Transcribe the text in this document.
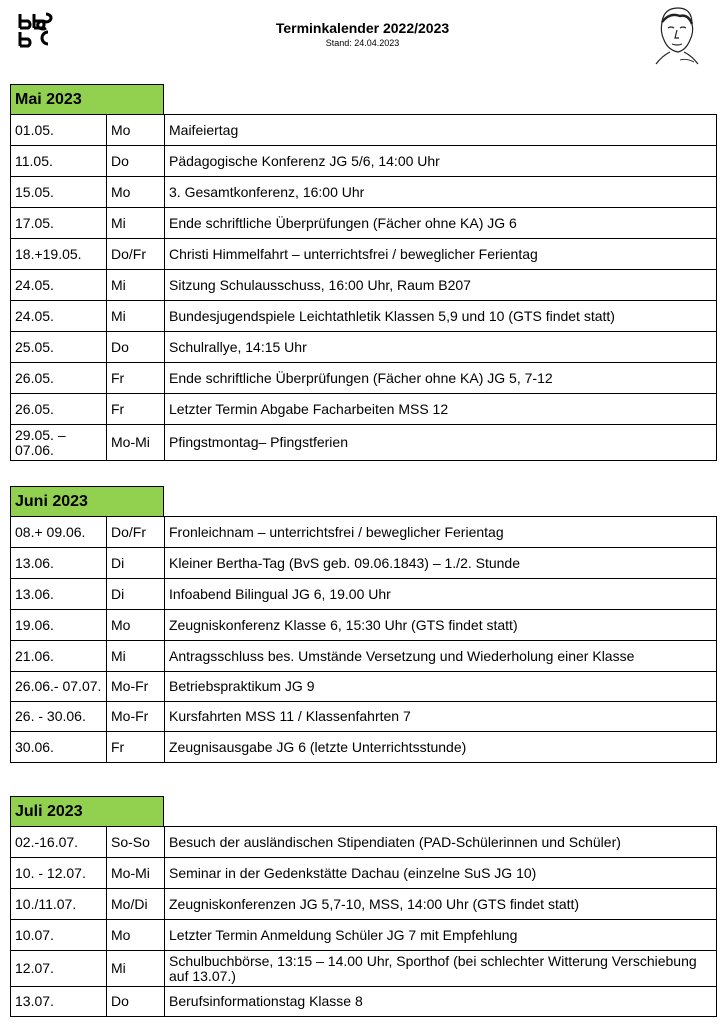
Terminkalender 2022/2023
Stand: 24.04.2023
Mai 2023
01.05.	Mo	Maifeiertag
11.05.	Do	Pädagogische Konferenz JG 5/6, 14:00 Uhr
15.05.	Mo	3. Gesamtkonferenz, 16:00 Uhr
17.05.	Mi	Ende schriftliche Überprüfungen (Fächer ohne KA) JG 6
18.+19.05.	Do/Fr	Christi Himmelfahrt – unterrichtsfrei / beweglicher Ferientag
24.05.	Mi	Sitzung Schulausschuss, 16:00 Uhr, Raum B207
24.05.	Mi	Bundesjugendspiele Leichtathletik Klassen 5,9 und 10 (GTS findet statt)
25.05.	Do	Schulrallye, 14:15 Uhr
26.05.	Fr	Ende schriftliche Überprüfungen (Fächer ohne KA) JG 5, 7-12
26.05.	Fr	Letzter Termin Abgabe Facharbeiten MSS 12
29.05. – 07.06.	Mo-Mi	Pfingstmontag– Pfingstferien
Juni 2023
08.+ 09.06.	Do/Fr	Fronleichnam – unterrichtsfrei / beweglicher Ferientag
13.06.	Di	Kleiner Bertha-Tag (BvS geb. 09.06.1843) – 1./2. Stunde
13.06.	Di	Infoabend Bilingual JG 6, 19.00 Uhr
19.06.	Mo	Zeugniskonferenz Klasse 6, 15:30 Uhr (GTS findet statt)
21.06.	Mi	Antragsschluss bes. Umstände Versetzung und Wiederholung einer Klasse
26.06.- 07.07.	Mo-Fr	Betriebspraktikum JG 9
26. - 30.06.	Mo-Fr	Kursfahrten MSS 11 / Klassenfahrten 7
30.06.	Fr	Zeugnisausgabe JG 6 (letzte Unterrichtsstunde)
Juli 2023
02.-16.07.	So-So	Besuch der ausländischen Stipendiaten (PAD-Schülerinnen und Schüler)
10. - 12.07.	Mo-Mi	Seminar in der Gedenkstätte Dachau (einzelne SuS JG 10)
10./11.07.	Mo/Di	Zeugniskonferenzen JG 5,7-10, MSS, 14:00 Uhr (GTS findet statt)
10.07.	Mo	Letzter Termin Anmeldung Schüler JG 7 mit Empfehlung
12.07.	Mi	Schulbuchbörse, 13:15 – 14.00 Uhr, Sporthof (bei schlechter Witterung Verschiebung auf 13.07.)
13.07.	Do	Berufsinformationstag Klasse 8
